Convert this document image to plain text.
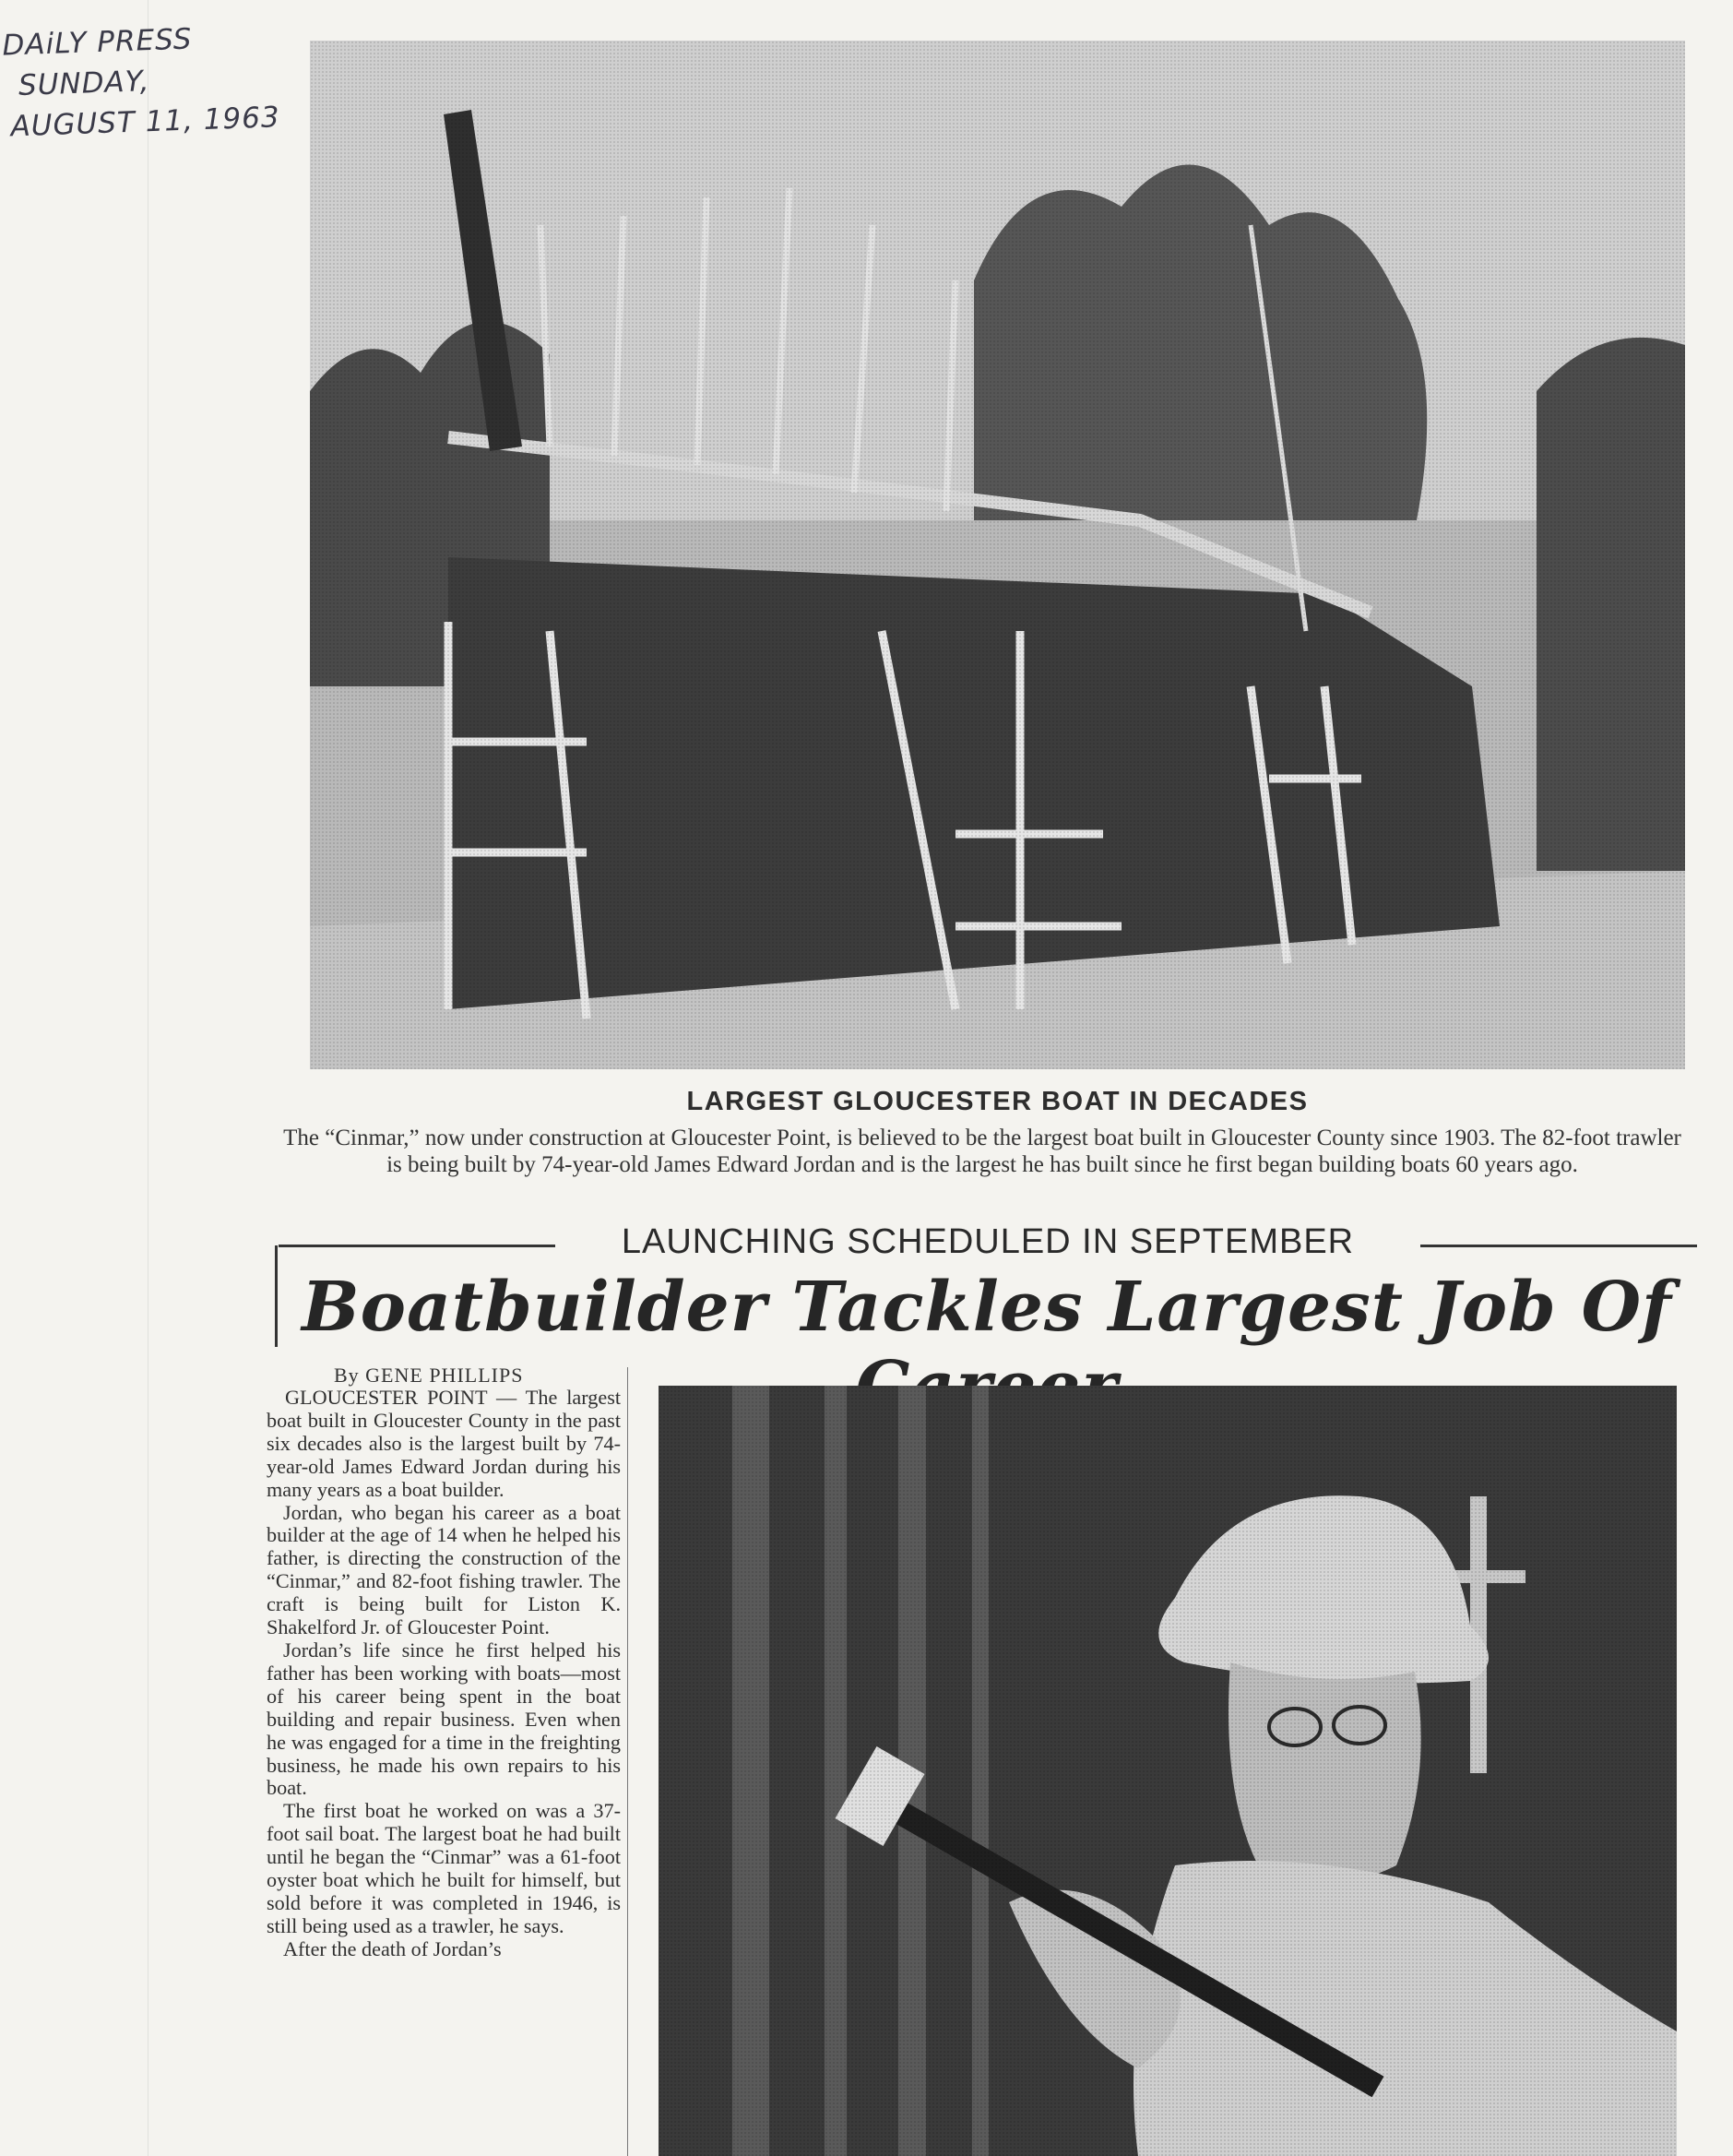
DAiLY PRESS
SUNDAY,
AUGUST 11, 1963
LARGEST GLOUCESTER BOAT IN DECADES
The “Cinmar,” now under construction at Gloucester Point, is believed to be the largest boat built in Gloucester County since 1903. The 82-foot trawler is being built by 74-year-old James Edward Jordan and is the largest he has built since he first began building boats 60 years ago.
LAUNCHING SCHEDULED IN SEPTEMBER
Boatbuilder Tackles Largest Job Of
By GENE PHILLIPS

GLOUCESTER POINT — The largest boat built in Gloucester County in the past six decades also is the largest built by 74-year-old James Edward Jordan during his many years as a boat builder.

Jordan, who began his career as a boat builder at the age of 14 when he helped his father, is directing the construction of the “Cinmar,” and 82-foot fishing trawler. The craft is being built for Liston K. Shakelford Jr. of Gloucester Point.

Jordan’s life since he first helped his father has been working with boats—most of his career being spent in the boat building and repair business. Even when he was engaged for a time in the freighting business, he made his own repairs to his boat.

The first boat he worked on was a 37-foot sail boat. The largest boat he had built until he began the “Cinmar” was a 61-foot oyster boat which he built for himself, but sold before it was completed in 1946, is still being used as a trawler, he says.

After the death of Jordan’s
